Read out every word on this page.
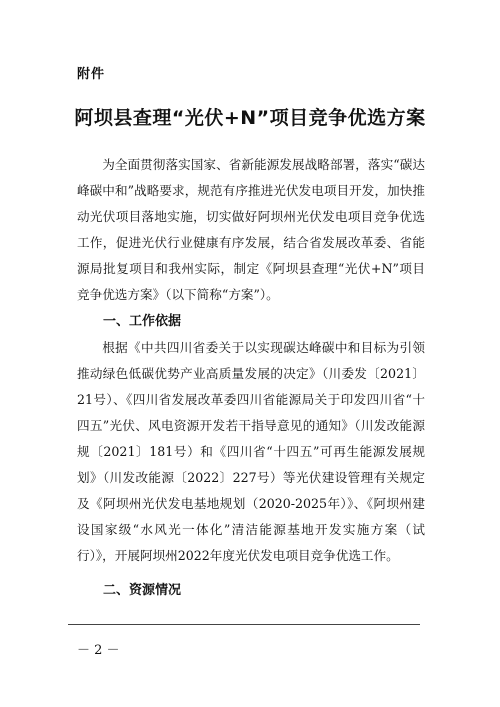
附件
阿坝县查理“光伏+N”项目竞争优选方案

为全面贯彻落实国家、省新能源发展战略部署，落实“碳达峰碳中和”战略要求，规范有序推进光伏发电项目开发，加快推动光伏项目落地实施，切实做好阿坝州光伏发电项目竞争优选工作，促进光伏行业健康有序发展，结合省发展改革委、省能源局批复项目和我州实际，制定《阿坝县查理“光伏+N”项目竞争优选方案》（以下简称“方案”）。

一、工作依据

根据《中共四川省委关于以实现碳达峰碳中和目标为引领推动绿色低碳优势产业高质量发展的决定》（川委发〔2021〕21号）、《四川省发展改革委四川省能源局关于印发四川省“十四五”光伏、风电资源开发若干指导意见的通知》（川发改能源规〔2021〕181号）和《四川省“十四五”可再生能源发展规划》（川发改能源〔2022〕227号）等光伏建设管理有关规定及《阿坝州光伏发电基地规划（2020-2025年）》、《阿坝州建设国家级“水风光一体化”清洁能源基地开发实施方案（试行）》，开展阿坝州2022年度光伏发电项目竞争优选工作。

二、资源情况

－ 2 －
